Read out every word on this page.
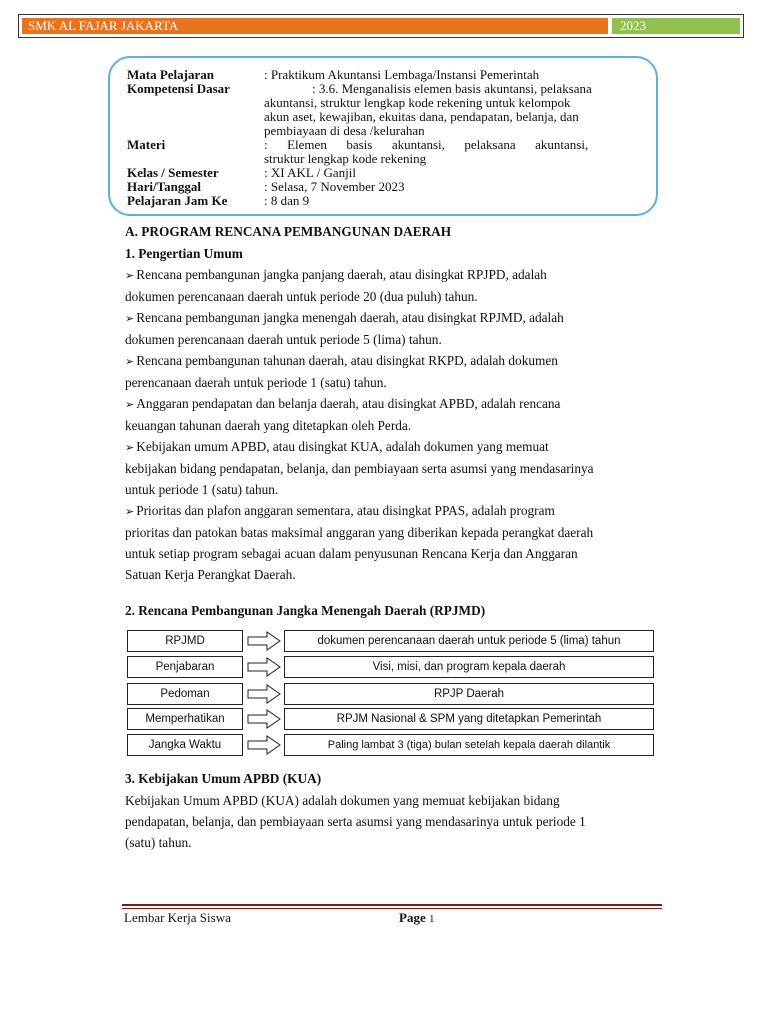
SMK AL FAJAR JAKARTA	2023
Mata Pelajaran	: Praktikum Akuntansi Lembaga/Instansi Pemerintah
Kompetensi Dasar	: 3.6. Menganalisis elemen basis akuntansi, pelaksana
akuntansi, struktur lengkap kode rekening untuk kelompok
akun aset, kewajiban, ekuitas dana, pendapatan, belanja, dan
pembiayaan di desa /kelurahan
Materi	:      Elemen      basis      akuntansi,      pelaksana      akuntansi,
struktur lengkap kode rekening
Kelas / Semester	: XI AKL / Ganjil
Hari/Tanggal	: Selasa, 7 November 2023
Pelajaran Jam Ke	: 8 dan 9
A. PROGRAM RENCANA PEMBANGUNAN DAERAH
1. Pengertian Umum
➢ Rencana pembangunan jangka panjang daerah, atau disingkat RPJPD, adalah
dokumen perencanaan daerah untuk periode 20 (dua puluh) tahun.
➢ Rencana pembangunan jangka menengah daerah, atau disingkat RPJMD, adalah
dokumen perencanaan daerah untuk periode 5 (lima) tahun.
➢ Rencana pembangunan tahunan daerah, atau disingkat RKPD, adalah dokumen
perencanaan daerah untuk periode 1 (satu) tahun.
➢ Anggaran pendapatan dan belanja daerah, atau disingkat APBD, adalah rencana
keuangan tahunan daerah yang ditetapkan oleh Perda.
➢ Kebijakan umum APBD, atau disingkat KUA, adalah dokumen yang memuat
kebijakan bidang pendapatan, belanja, dan pembiayaan serta asumsi yang mendasarinya
untuk periode 1 (satu) tahun.
➢ Prioritas dan plafon anggaran sementara, atau disingkat PPAS, adalah program
prioritas dan patokan batas maksimal anggaran yang diberikan kepada perangkat daerah
untuk setiap program sebagai acuan dalam penyusunan Rencana Kerja dan Anggaran
Satuan Kerja Perangkat Daerah.
2. Rencana Pembangunan Jangka Menengah Daerah (RPJMD)
RPJMD	dokumen perencanaan daerah untuk periode 5 (lima) tahun
Penjabaran	Visi, misi, dan program kepala daerah
Pedoman	RPJP Daerah
Memperhatikan	RPJM Nasional & SPM yang ditetapkan Pemerintah
Jangka Waktu	Paling lambat 3 (tiga) bulan setelah kepala daerah dilantik
3. Kebijakan Umum APBD (KUA)
Kebijakan Umum APBD (KUA) adalah dokumen yang memuat kebijakan bidang
pendapatan, belanja, dan pembiayaan serta asumsi yang mendasarinya untuk periode 1
(satu) tahun.
Lembar Kerja Siswa	Page 1
